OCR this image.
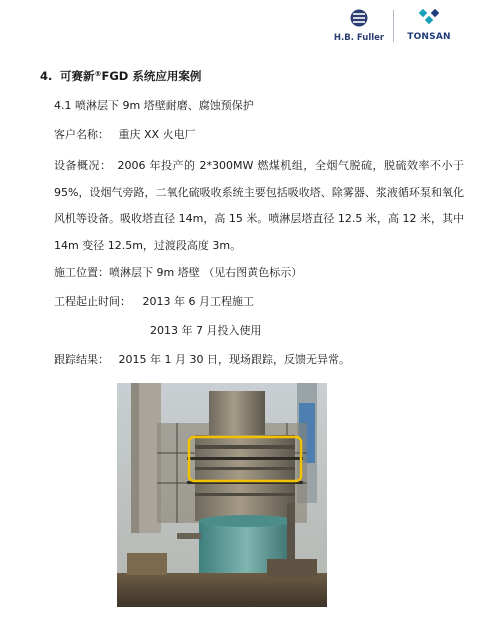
H.B. Fuller	TONSAN
4. 可赛新®FGD 系统应用案例
4.1 喷淋层下 9m 塔壁耐磨、腐蚀预保护
客户名称： 重庆 XX 火电厂
设备概况： 2006 年投产的 2*300MW 燃煤机组，全烟气脱硫，脱硫效率不小于 95%，设烟气旁路，二氧化硫吸收系统主要包括吸收塔、除雾器、浆液循环泵和氧化风机等设备。吸收塔直径 14m，高 15 米。喷淋层塔直径 12.5 米，高 12 米，其中 14m 变径 12.5m，过渡段高度 3m。
施工位置：喷淋层下 9m 塔壁 （见右图黄色标示）
工程起止时间： 2013 年 6 月工程施工
2013 年 7 月投入使用
跟踪结果： 2015 年 1 月 30 日，现场跟踪，反馈无异常。
